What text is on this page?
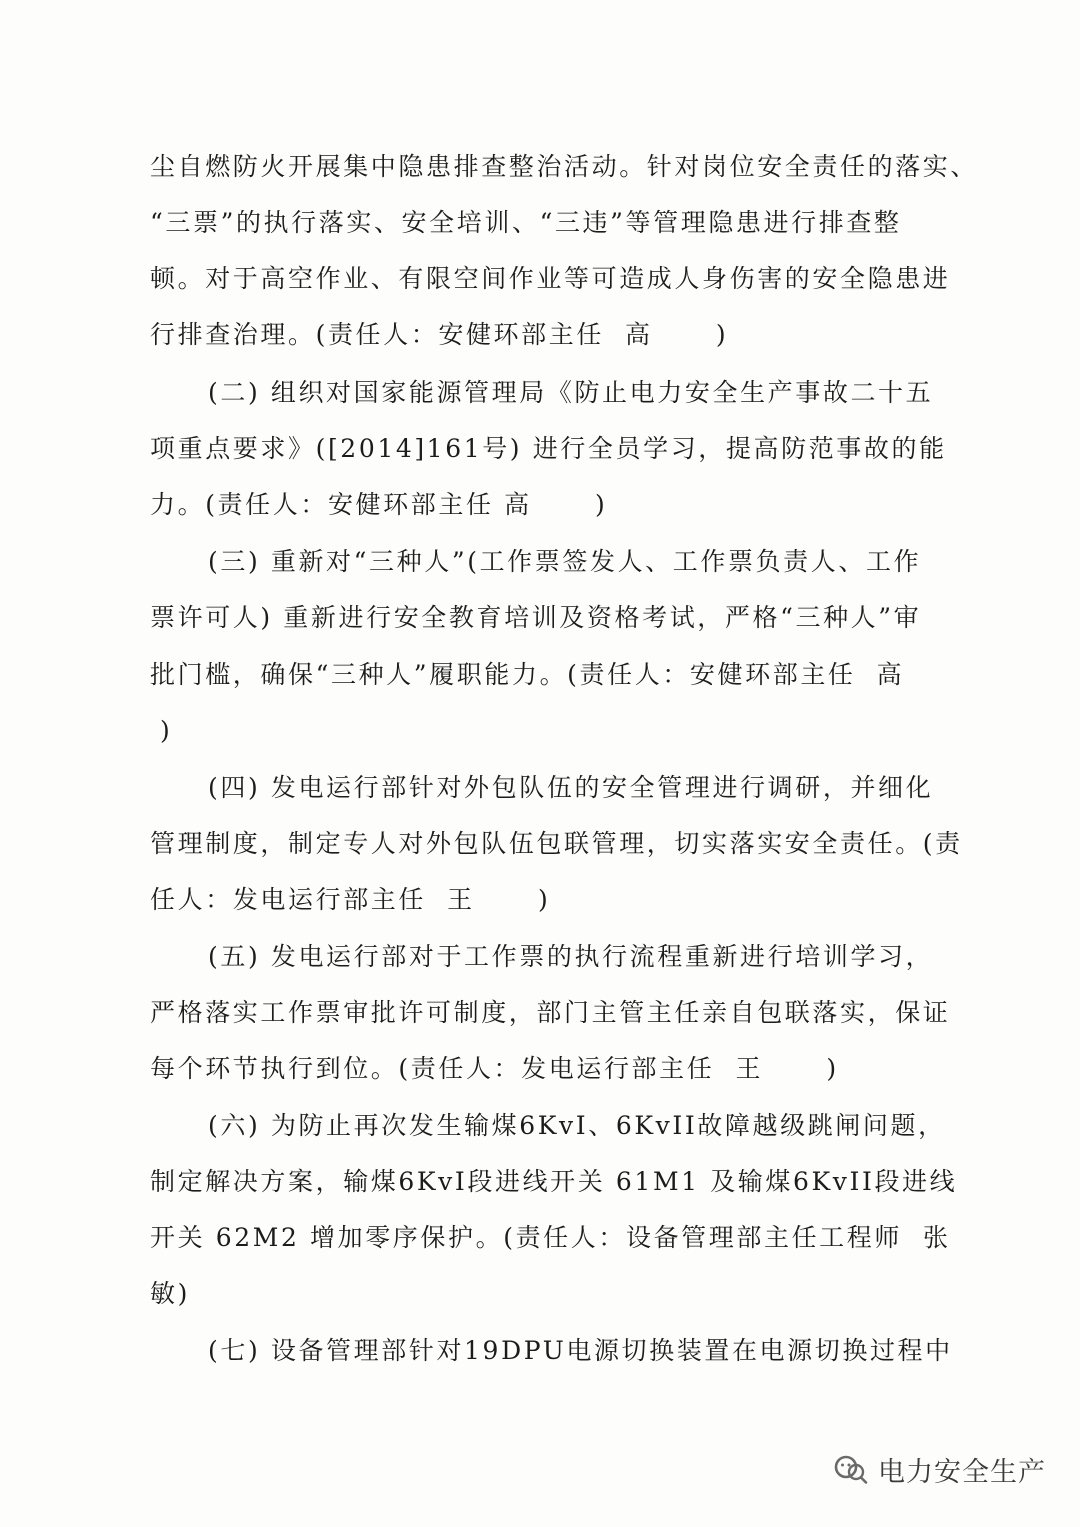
尘自燃防火开展集中隐患排查整治活动。针对岗位安全责任的落实、
“三票”的执行落实、安全培训、“三违”等管理隐患进行排查整
顿。对于高空作业、有限空间作业等可造成人身伤害的安全隐患进
行排查治理。(责任人：安健环部主任  高      )
(二) 组织对国家能源管理局《防止电力安全生产事故二十五
项重点要求》([2014]161号) 进行全员学习，提高防范事故的能
力。(责任人：安健环部主任 高      )
(三) 重新对“三种人”(工作票签发人、工作票负责人、工作
票许可人) 重新进行安全教育培训及资格考试，严格“三种人”审
批门槛，确保“三种人”履职能力。(责任人：安健环部主任  高
)
(四) 发电运行部针对外包队伍的安全管理进行调研，并细化
管理制度，制定专人对外包队伍包联管理，切实落实安全责任。(责
任人：发电运行部主任  王      )
(五) 发电运行部对于工作票的执行流程重新进行培训学习，
严格落实工作票审批许可制度，部门主管主任亲自包联落实，保证
每个环节执行到位。(责任人：发电运行部主任  王      )
(六) 为防止再次发生输煤6KvI、6KvII故障越级跳闸问题，
制定解决方案，输煤6KvI段进线开关 61M1 及输煤6KvII段进线
开关 62M2 增加零序保护。(责任人：设备管理部主任工程师  张
敏)
(七) 设备管理部针对19DPU电源切换装置在电源切换过程中
电力安全生产
